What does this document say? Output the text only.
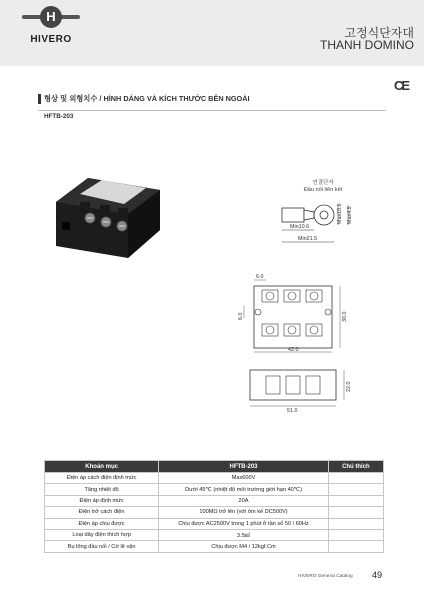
H
HIVERO	고정식단자대
THANH DOMINO
CE
형상 및 외형치수 / HÌNH DÁNG VÀ KÍCH THƯỚC BÊN NGOÀI
HFTB-203
연결단자
Đầu nối liên kết
Min10.6
Min21.5
Max10.6 Max4.5
42.0
30.0
6.0
6.0
51.0
22.0
Khoản mục	HFTB-203	Chú thích
Điện áp cách điện định mức	Max600V	
Tăng nhiệt độ	Dưới 45℃ (nhiệt độ môi trường giới hạn 40℃)	
Điện áp định mức	20A	
Điện trở cách điện	100MΩ trở lên (với ôm kế DC500V)	
Điện áp chịu được	Chịu được AC2500V trong 1 phút ở tần số 50 / 60Hz	
Loại dây điện thích hợp	3.5㎟	
Bu lông đầu nối / Cờ lê vặn	Chịu được M4 / 12kgf.Cm	
HIVERO General Catalog 49
